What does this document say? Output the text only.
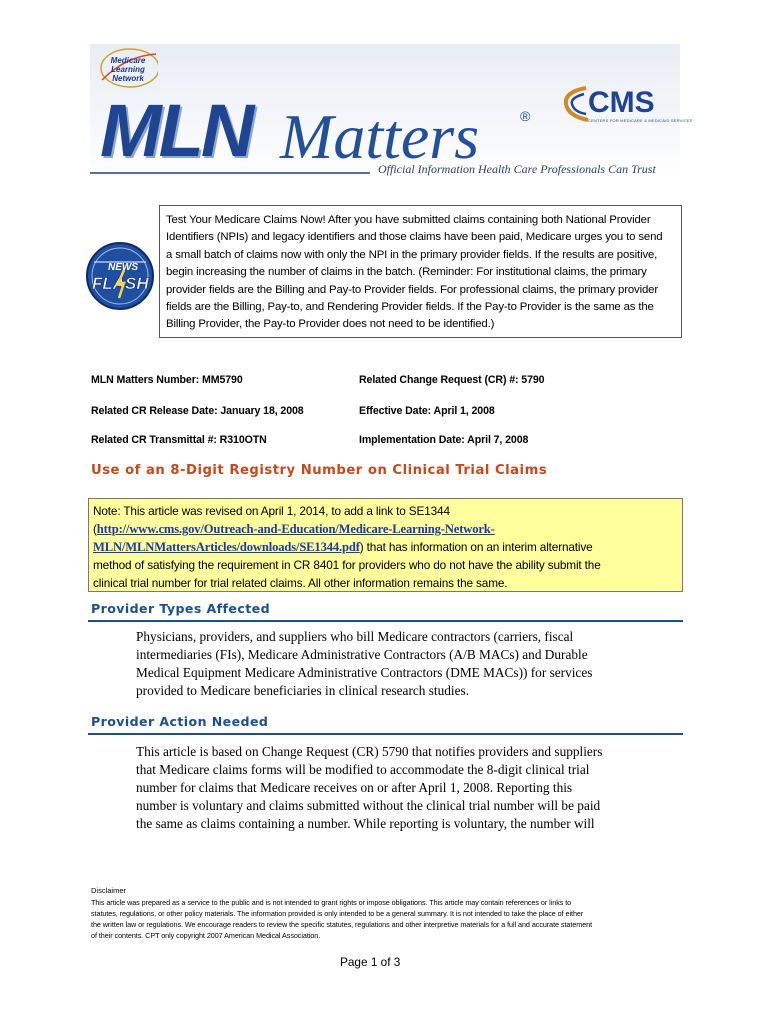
Medicare
Learning
Network
MLN Matters	® CMS
CENTERS FOR MEDICARE & MEDICAID SERVICES
Official Information Health Care Professionals Can Trust
NEWS
FLASH
Test Your Medicare Claims Now! After you have submitted claims containing both National Provider
Identifiers (NPIs) and legacy identifiers and those claims have been paid, Medicare urges you to send
a small batch of claims now with only the NPI in the primary provider fields. If the results are positive,
begin increasing the number of claims in the batch. (Reminder: For institutional claims, the primary
provider fields are the Billing and Pay-to Provider fields. For professional claims, the primary provider
fields are the Billing, Pay-to, and Rendering Provider fields. If the Pay-to Provider is the same as the
Billing Provider, the Pay-to Provider does not need to be identified.)
MLN Matters Number: MM5790	Related Change Request (CR) #: 5790
Related CR Release Date: January 18, 2008	Effective Date: April 1, 2008
Related CR Transmittal #: R310OTN	Implementation Date: April 7, 2008
Use of an 8-Digit Registry Number on Clinical Trial Claims
Note: This article was revised on April 1, 2014, to add a link to SE1344
(http://www.cms.gov/Outreach-and-Education/Medicare-Learning-Network-
MLN/MLNMattersArticles/downloads/SE1344.pdf) that has information on an interim alternative
method of satisfying the requirement in CR 8401 for providers who do not have the ability submit the
clinical trial number for trial related claims. All other information remains the same.
Provider Types Affected
Physicians, providers, and suppliers who bill Medicare contractors (carriers, fiscal
intermediaries (FIs), Medicare Administrative Contractors (A/B MACs) and Durable
Medical Equipment Medicare Administrative Contractors (DME MACs)) for services
provided to Medicare beneficiaries in clinical research studies.
Provider Action Needed
This article is based on Change Request (CR) 5790 that notifies providers and suppliers
that Medicare claims forms will be modified to accommodate the 8-digit clinical trial
number for claims that Medicare receives on or after April 1, 2008. Reporting this
number is voluntary and claims submitted without the clinical trial number will be paid
the same as claims containing a number. While reporting is voluntary, the number will
Disclaimer
This article was prepared as a service to the public and is not intended to grant rights or impose obligations. This article may contain references or links to
statutes, regulations, or other policy materials. The information provided is only intended to be a general summary. It is not intended to take the place of either
the written law or regulations. We encourage readers to review the specific statutes, regulations and other interpretive materials for a full and accurate statement
of their contents. CPT only copyright 2007 American Medical Association.
Page 1 of 3
